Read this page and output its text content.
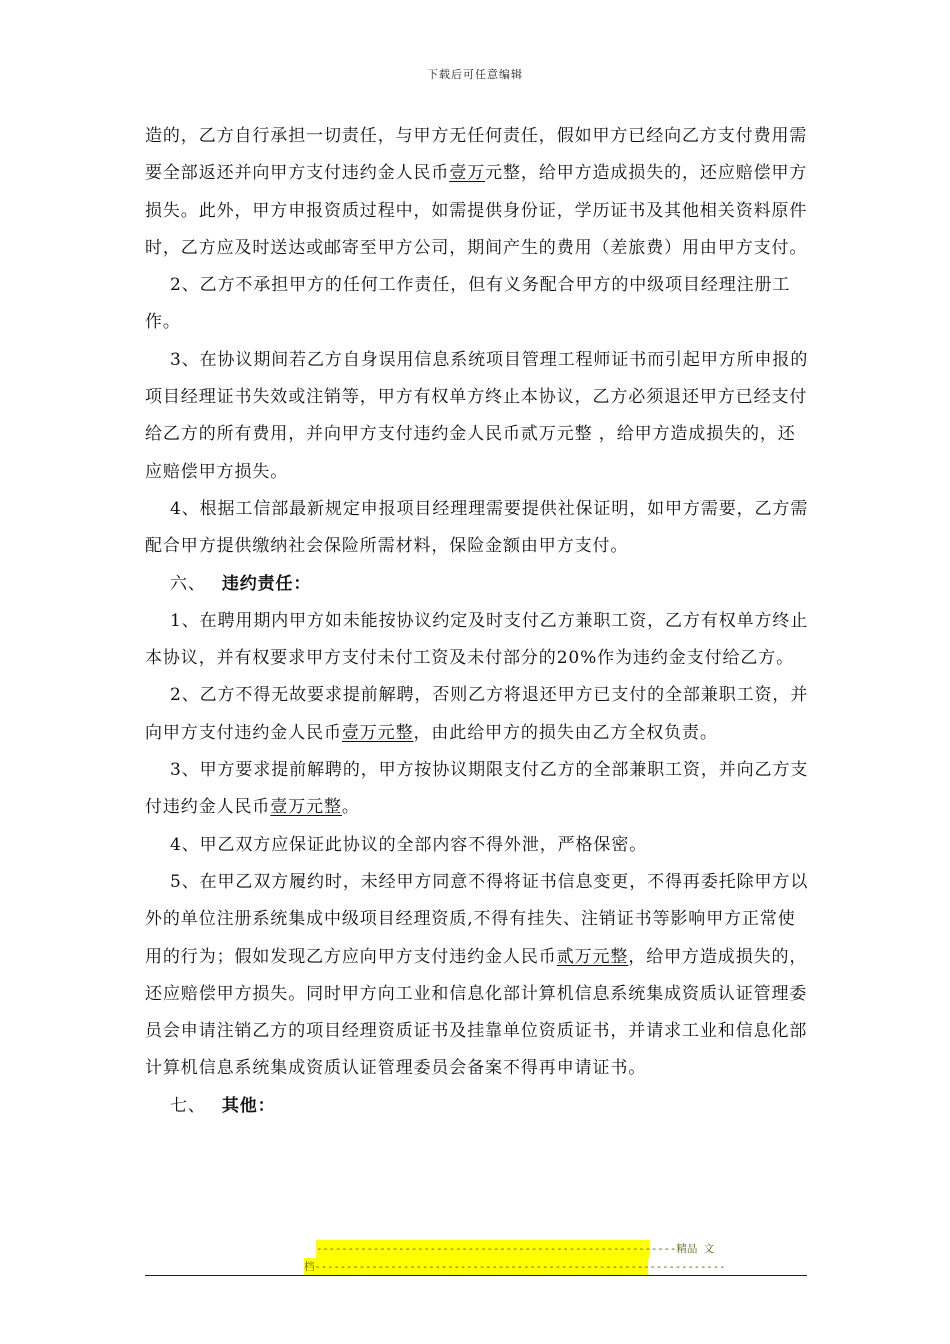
下载后可任意编辑

造的，乙方自行承担一切责任，与甲方无任何责任，假如甲方已经向乙方支付费用需要全部返还并向甲方支付违约金人民币壹万元整，给甲方造成损失的，还应赔偿甲方损失。此外，甲方申报资质过程中，如需提供身份证，学历证书及其他相关资料原件时，乙方应及时送达或邮寄至甲方公司，期间产生的费用（差旅费）用由甲方支付。

2、乙方不承担甲方的任何工作责任，但有义务配合甲方的中级项目经理注册工作。

3、在协议期间若乙方自身误用信息系统项目管理工程师证书而引起甲方所申报的项目经理证书失效或注销等，甲方有权单方终止本协议，乙方必须退还甲方已经支付给乙方的所有费用，并向甲方支付违约金人民币贰万元整 ，给甲方造成损失的，还应赔偿甲方损失。

4、根据工信部最新规定申报项目经理理需要提供社保证明，如甲方需要，乙方需配合甲方提供缴纳社会保险所需材料，保险金额由甲方支付。

六、 违约责任：

1、在聘用期内甲方如未能按协议约定及时支付乙方兼职工资，乙方有权单方终止本协议，并有权要求甲方支付未付工资及未付部分的20%作为违约金支付给乙方。

2、乙方不得无故要求提前解聘，否则乙方将退还甲方已支付的全部兼职工资，并向甲方支付违约金人民币壹万元整，由此给甲方的损失由乙方全权负责。

3、甲方要求提前解聘的，甲方按协议期限支付乙方的全部兼职工资，并向乙方支付违约金人民币壹万元整。

4、甲乙双方应保证此协议的全部内容不得外泄，严格保密。

5、在甲乙双方履约时，未经甲方同意不得将证书信息变更，不得再委托除甲方以外的单位注册系统集成中级项目经理资质,不得有挂失、注销证书等影响甲方正常使用的行为；假如发现乙方应向甲方支付违约金人民币贰万元整，给甲方造成损失的，还应赔偿甲方损失。同时甲方向工业和信息化部计算机信息系统集成资质认证管理委员会申请注销乙方的项目经理资质证书及挂靠单位资质证书，并请求工业和信息化部计算机信息系统集成资质认证管理委员会备案不得再申请证书。

七、 其他：

---------------------------------------------------------精品 文
档-----------------------------------------------------------------
